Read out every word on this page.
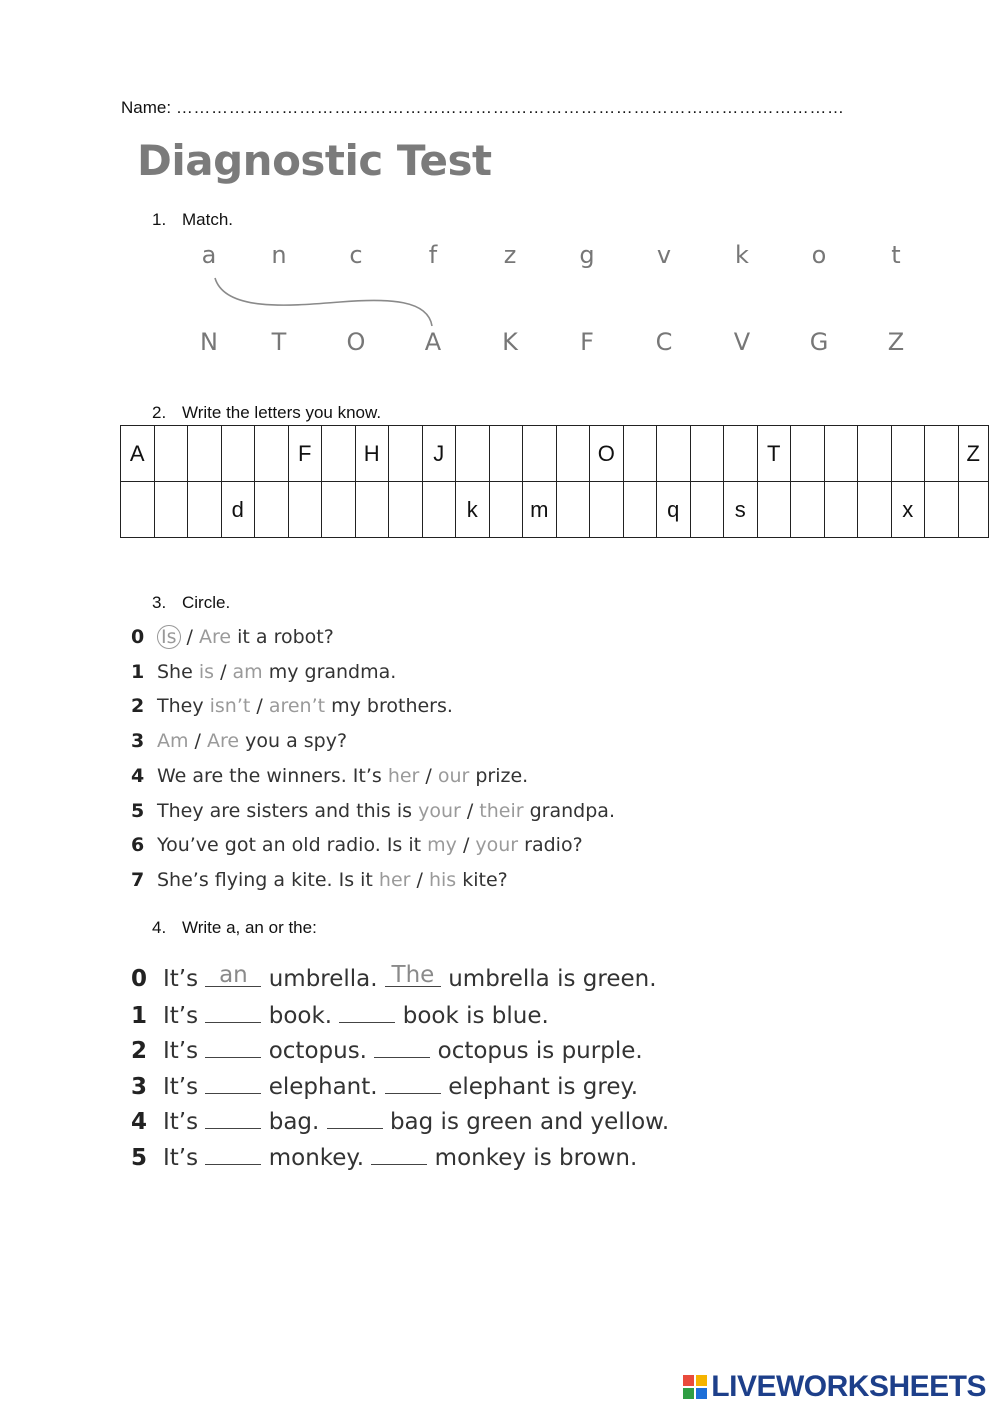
Name: ……………………………………………………………………………………………………
Diagnostic Test
1. Match.
a	n	c	f	z	g	v	k	o	t
N	T	O A	K	F	C	V G Z
2. Write the letters you know.
A					F		H		J					O					T						Z
			d							k		m				q		s					x		
3. Circle.
0 Is / Are it a robot?
1 She is / am my grandma.
2 They isn’t / aren’t my brothers.
3 Am / Are you a spy?
4 We are the winners. It’s her / our prize.
5 They are sisters and this is your / their grandpa.
6 You’ve got an old radio. Is it my / your radio?
7 She’s flying a kite. Is it her / his kite?
4. Write a, an or the:
0 It’s an umbrella. The umbrella is green.
1 It’s  book.  book is blue.
2 It’s  octopus.  octopus is purple.
3 It’s  elephant.  elephant is grey.
4 It’s  bag.  bag is green and yellow.
5 It’s  monkey.  monkey is brown.
LIVEWORKSHEETS
